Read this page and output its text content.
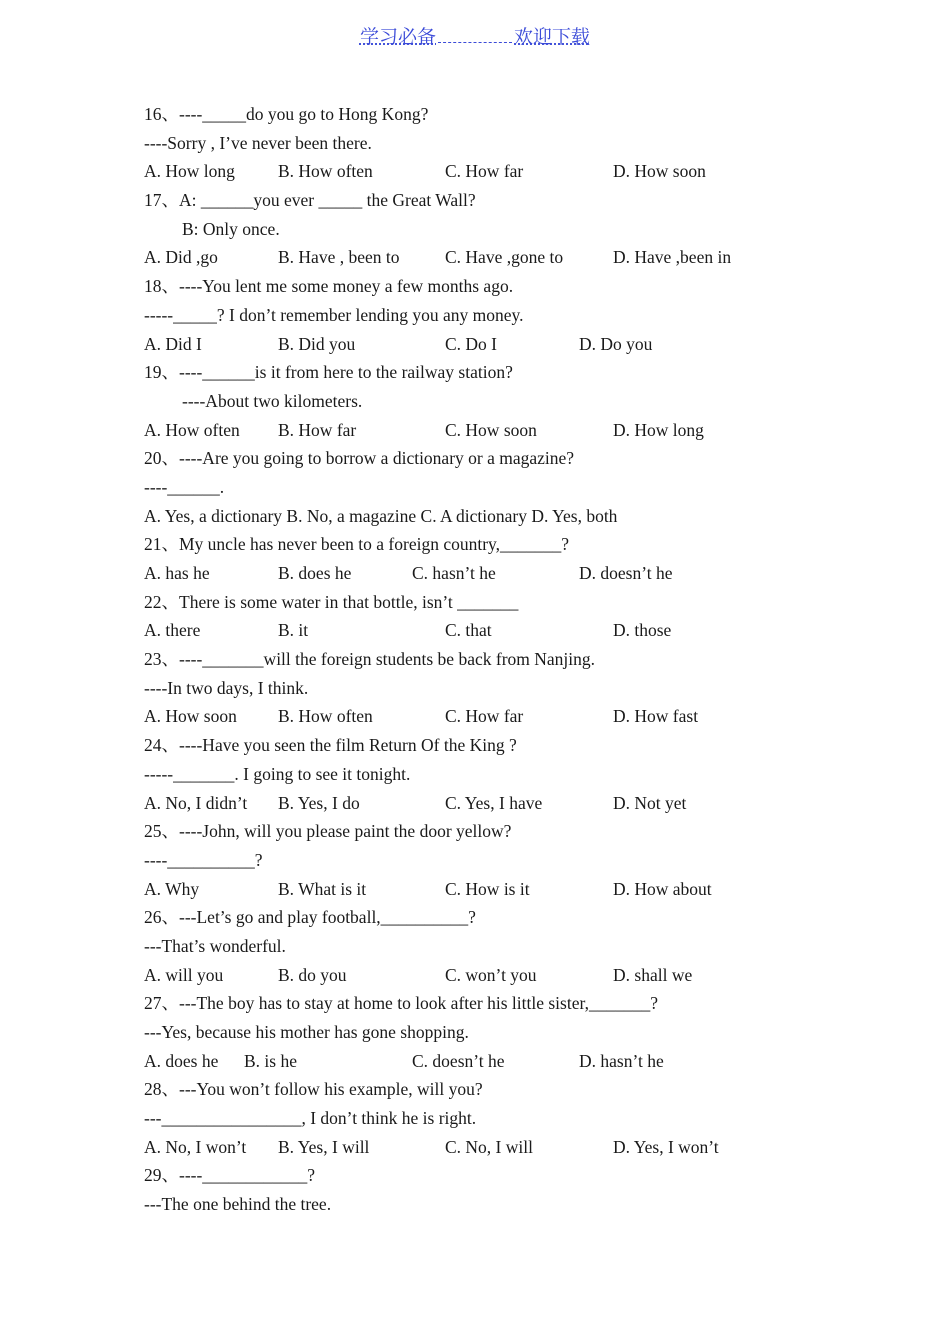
学习必备	欢迎下载
16、----_____do you go to Hong Kong?
----Sorry , I’ve never been there.
A. How long B. How often	C. How far	D. How soon
17、A: ______you ever _____ the Great Wall?
B: Only once.
A. Did ,go	B. Have , been to	C. Have ,gone to	D. Have ,been in
18、----You lent me some money a few months ago.
-----_____? I don’t remember lending you any money.
A. Did I	B. Did you	C. Do I	D. Do you
19、----______is it from here to the railway station?
----About two kilometers.
A. How often B. How far	C. How soon	D. How long
20、----Are you going to borrow a dictionary or a magazine?
----______.
A. Yes, a dictionary B. No, a magazine C. A dictionary D. Yes, both
21、My uncle has never been to a foreign country,_______?
A. has he	B. does he	C. hasn’t he	D. doesn’t he
22、There is some water in that bottle, isn’t _______
A. there	B. it	C. that	D. those
23、----_______will the foreign students be back from Nanjing.
----In two days, I think.
A. How soon B. How often	C. How far	D. How fast
24、----Have you seen the film Return Of the King ?
-----_______. I going to see it tonight.
A. No, I didn’t B. Yes, I do	C. Yes, I have	D. Not yet
25、----John, will you please paint the door yellow?
----__________?
A. Why	B. What is it	C. How is it	D. How about
26、---Let’s go and play football,__________?
---That’s wonderful.
A. will you	B. do you	C. won’t you	D. shall we
27、---The boy has to stay at home to look after his little sister,_______?
---Yes, because his mother has gone shopping.
A. does he B. is he	C. doesn’t he	D. hasn’t he
28、---You won’t follow his example, will you?
---________________, I don’t think he is right.
A. No, I won’t B. Yes, I will	C. No, I will	D. Yes, I won’t
29、----____________?
---The one behind the tree.
